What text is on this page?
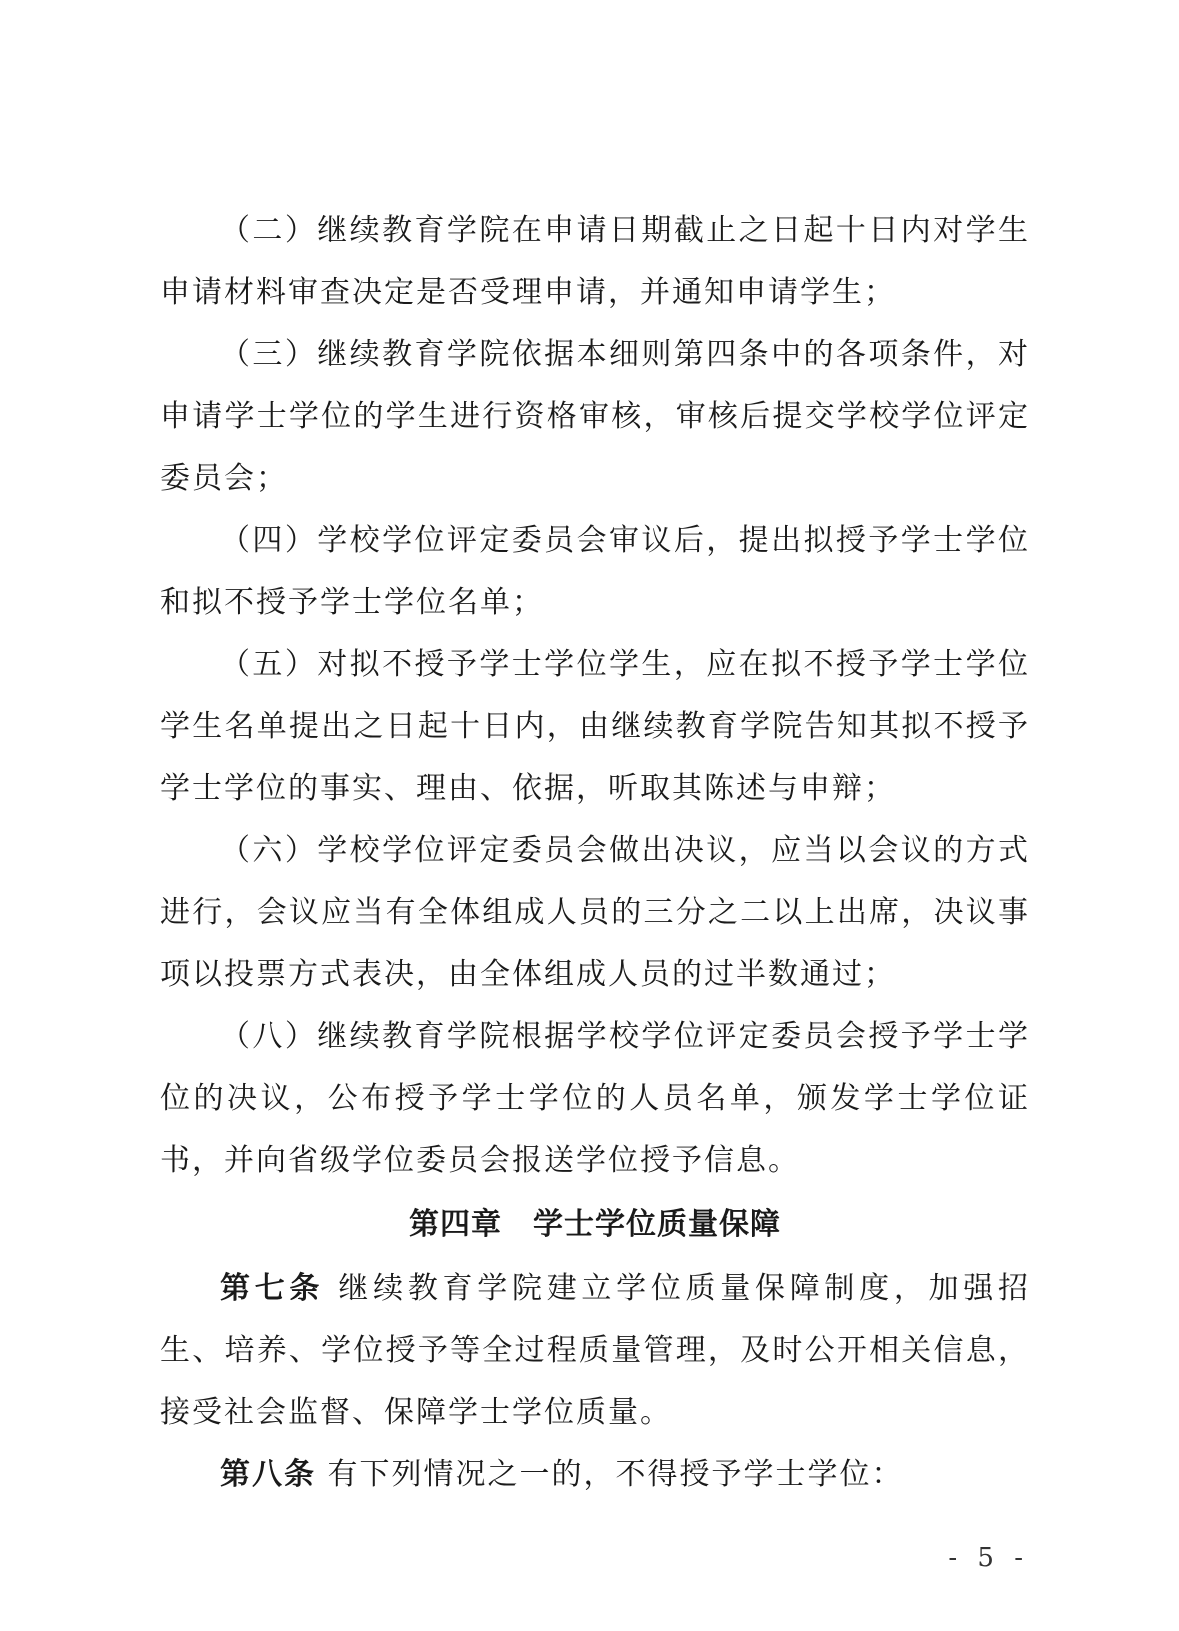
（二）继续教育学院在申请日期截止之日起十日内对学生申请材料审查决定是否受理申请，并通知申请学生；

（三）继续教育学院依据本细则第四条中的各项条件，对申请学士学位的学生进行资格审核，审核后提交学校学位评定委员会；

（四）学校学位评定委员会审议后，提出拟授予学士学位和拟不授予学士学位名单；

（五）对拟不授予学士学位学生，应在拟不授予学士学位学生名单提出之日起十日内，由继续教育学院告知其拟不授予学士学位的事实、理由、依据，听取其陈述与申辩；

（六）学校学位评定委员会做出决议，应当以会议的方式进行，会议应当有全体组成人员的三分之二以上出席，决议事项以投票方式表决，由全体组成人员的过半数通过；

（八）继续教育学院根据学校学位评定委员会授予学士学位的决议，公布授予学士学位的人员名单，颁发学士学位证书，并向省级学位委员会报送学位授予信息。

第四章　学士学位质量保障

第七条 继续教育学院建立学位质量保障制度，加强招生、培养、学位授予等全过程质量管理，及时公开相关信息，接受社会监督、保障学士学位质量。

第八条 有下列情况之一的，不得授予学士学位：

- 5 -
